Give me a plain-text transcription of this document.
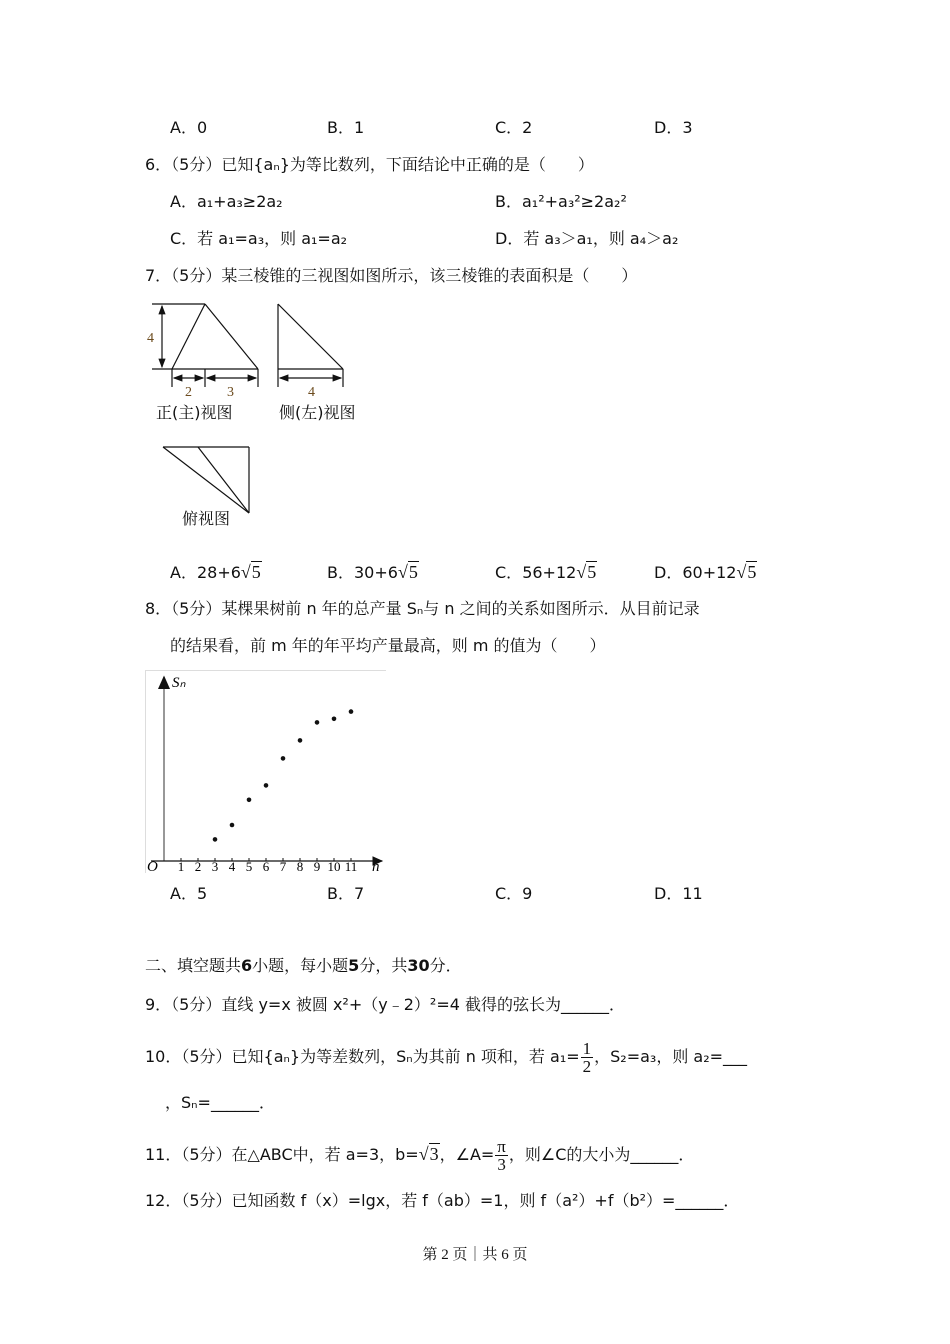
A．0	B．1	C．2	D．3
6．（5分）已知{aₙ}为等比数列，下面结论中正确的是（　　）
A．a₁+a₃≥2a₂	B．a₁²+a₃²≥2a₂²
C．若 a₁=a₃，则 a₁=a₂	D．若 a₃＞a₁，则 a₄＞a₂
7．（5分）某三棱锥的三视图如图所示，该三棱锥的表面积是（　　）
4
2	3	4
正(主)视图	侧(左)视图
俯视图
A．28+6√5	B．30+6√5	C．56+12√5	D．60+12√5
8．（5分）某棵果树前 n 年的总产量 Sₙ与 n 之间的关系如图所示．从目前记录
的结果看，前 m 年的年平均产量最高，则 m 的值为（　　）
Sₙ
n
O 1 2 3 4 5 6 7 8 9 10 11
A．5	B．7	C．9	D．11
二、填空题共6小题，每小题5分，共30分．
9．（5分）直线 y=x 被圆 x²+（y﹣2）²=4 截得的弦长为______．
10．（5分）已知{aₙ}为等差数列，Sₙ为其前 n 项和，若 $a_1= \frac{1}{2}$ ，S₂=a₃，则 a₂=___
，Sₙ=______．
11．（5分）在△ABC中，若 a=3，b=√3，∠A= $\frac{\pi}{3}$ ，则∠C的大小为______．
12．（5分）已知函数 f（x）=lgx，若 f（ab）=1，则 f（a²）+f（b²）=______．
第 2 页｜共 6 页
